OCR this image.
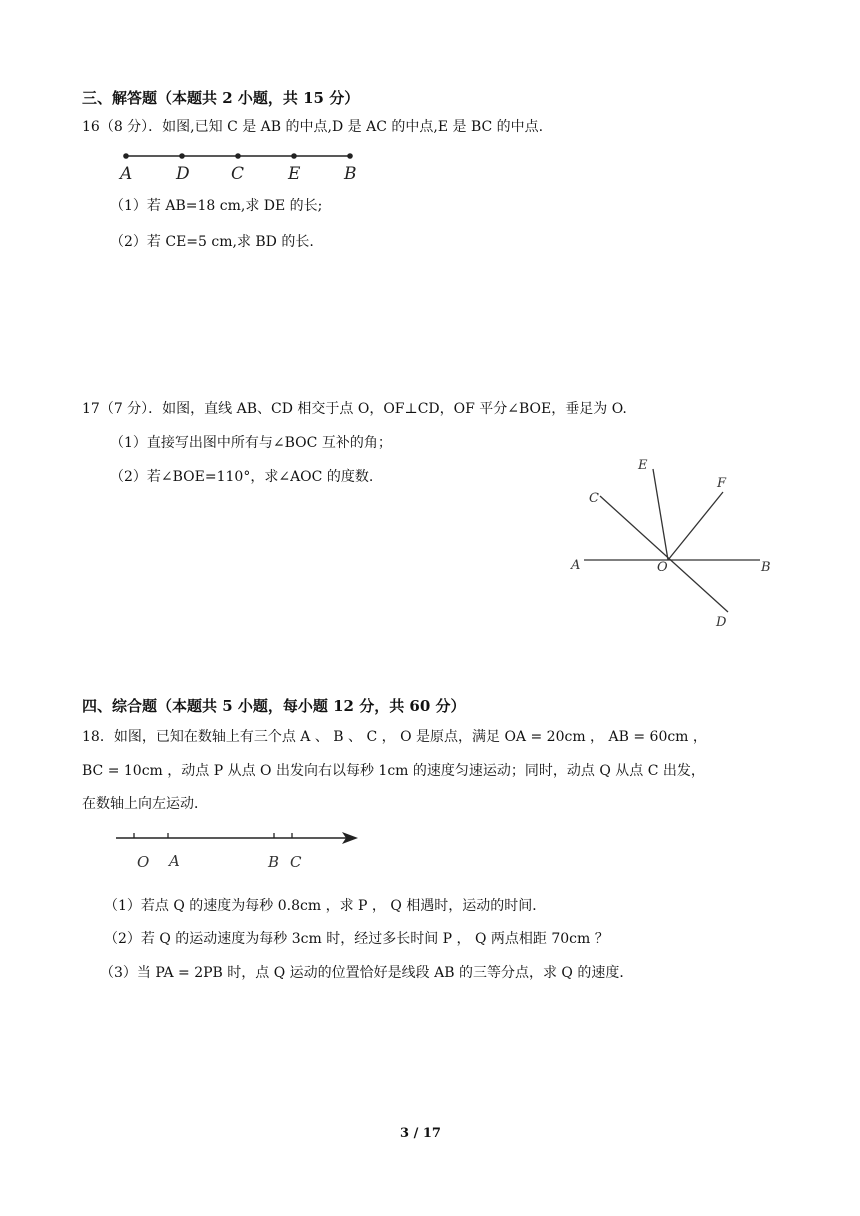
三、解答题（本题共 2 小题，共 15 分）
16（8 分）．如图,已知 C 是 AB 的中点,D 是 AC 的中点,E 是 BC 的中点.
A	D C	E	B
（1）若 AB=18 cm,求 DE 的长;
（2）若 CE=5 cm,求 BD 的长.
17（7 分）．如图，直线 AB、CD 相交于点 O，OF⊥CD，OF 平分∠BOE，垂足为 O.
（1）直接写出图中所有与∠BOC 互补的角；
（2）若∠BOE=110°，求∠AOC 的度数.
E
F
C
A	O	B
D
四、综合题（本题共 5 小题，每小题 12 分，共 60 分）
18．如图，已知在数轴上有三个点 A 、 B 、 C ， O 是原点，满足 OA = 20cm ， AB = 60cm ，
BC = 10cm ，动点 P 从点 O 出发向右以每秒 1cm 的速度匀速运动；同时，动点 Q 从点 C 出发，
在数轴上向左运动．
O A	B C
（1）若点 Q 的速度为每秒 0.8cm ，求 P ， Q 相遇时，运动的时间．
（2）若 Q 的运动速度为每秒 3cm 时，经过多长时间 P ， Q 两点相距 70cm ？
（3）当 PA = 2PB 时，点 Q 运动的位置恰好是线段 AB 的三等分点，求 Q 的速度．
3 / 17
